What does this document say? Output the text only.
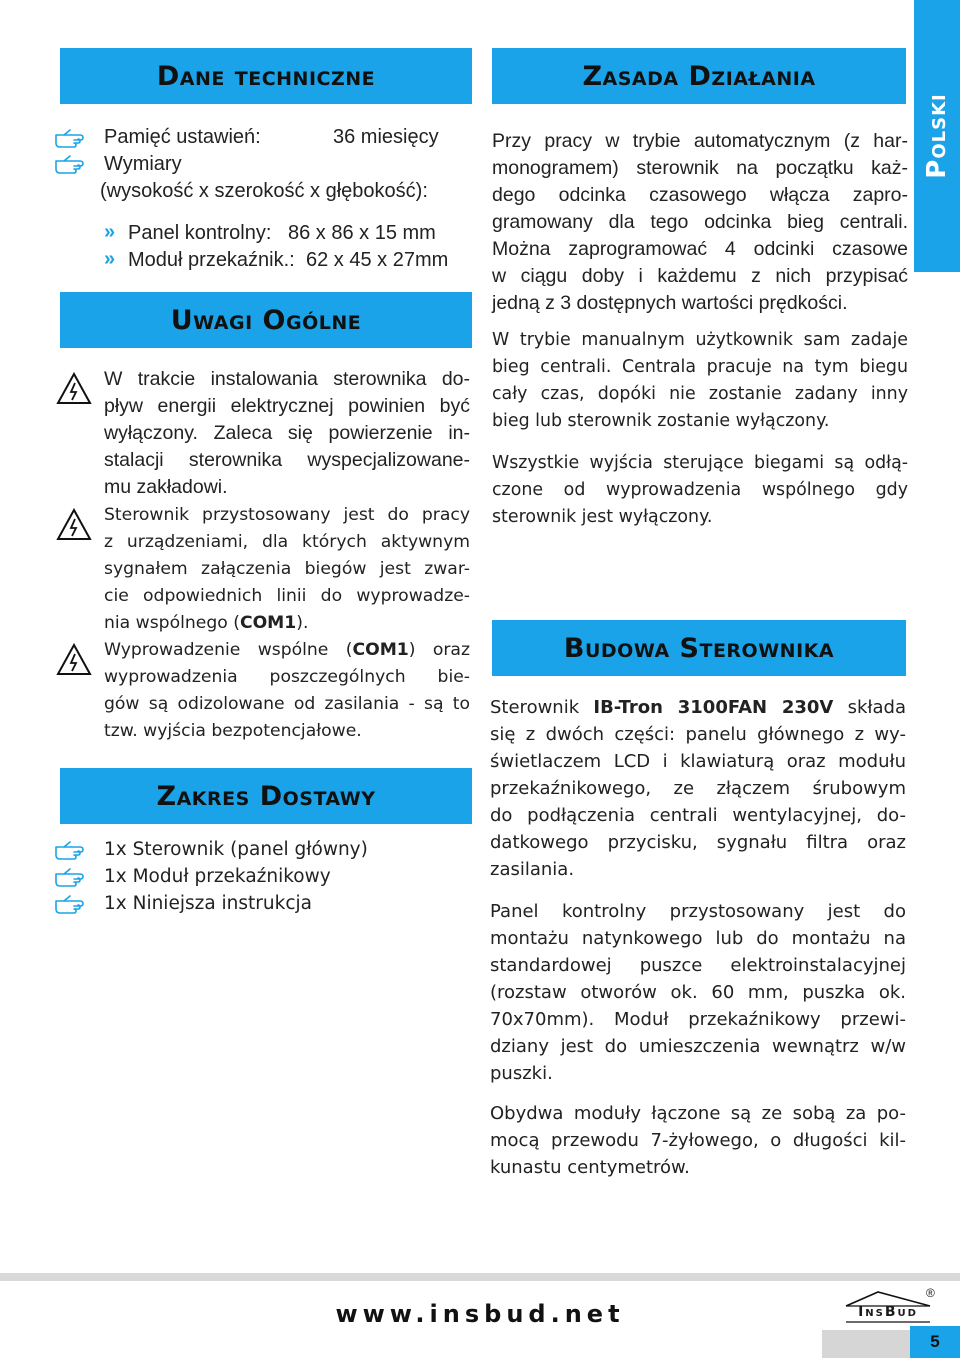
Polski
Dane techniczne
Pamięć ustawień:	36 miesięcy
Wymiary
(wysokość x szerokość x głębokość):
» Panel kontrolny: 86 x 86 x 15 mm
» Moduł przekaźnik.: 62 x 45 x 27mm
Uwagi Ogólne
W trakcie instalowania sterownika do-
pływ energii elektrycznej powinien być
wyłączony. Zaleca się powierzenie in-
stalacji sterownika wyspecjalizowane-
mu zakładowi.
Sterownik przystosowany jest do pracy
z urządzeniami, dla których aktywnym
sygnałem załączenia biegów jest zwar-
cie odpowiednich linii do wyprowadze-
nia wspólnego (COM1).
Wyprowadzenie wspólne (COM1) oraz
wyprowadzenia poszczególnych bie-
gów są odizolowane od zasilania - są to
tzw. wyjścia bezpotencjałowe.
Zakres Dostawy
1x Sterownik (panel główny)
1x Moduł przekaźnikowy
1x Niniejsza instrukcja
Zasada Działania
Przy pracy w trybie automatycznym (z har-
monogramem) sterownik na początku każ-
dego odcinka czasowego włącza zapro-
gramowany dla tego odcinka bieg centrali.
Można zaprogramować 4 odcinki czasowe
w ciągu doby i każdemu z nich przypisać
jedną z 3 dostępnych wartości prędkości.
W trybie manualnym użytkownik sam zadaje
bieg centrali. Centrala pracuje na tym biegu
cały czas, dopóki nie zostanie zadany inny
bieg lub sterownik zostanie wyłączony.
Wszystkie wyjścia sterujące biegami są odłą-
czone od wyprowadzenia wspólnego gdy
sterownik jest wyłączony.
Budowa Sterownika
Sterownik IB-Tron 3100FAN 230V składa
się z dwóch części: panelu głównego z wy-
świetlaczem LCD i klawiaturą oraz modułu
przekaźnikowego, ze złączem śrubowym
do podłączenia centrali wentylacyjnej, do-
datkowego przycisku, sygnału filtra oraz
zasilania.
Panel kontrolny przystosowany jest do
montażu natynkowego lub do montażu na
standardowej puszce elektroinstalacyjnej
(rozstaw otworów ok. 60 mm, puszka ok.
70x70mm). Moduł przekaźnikowy przewi-
dziany jest do umieszczenia wewnątrz w/w
puszki.
Obydwa moduły łączone są ze sobą za po-
mocą przewodu 7-żyłowego, o długości kil-
kunastu centymetrów.
www.insbud.net
5
InsBud
®
